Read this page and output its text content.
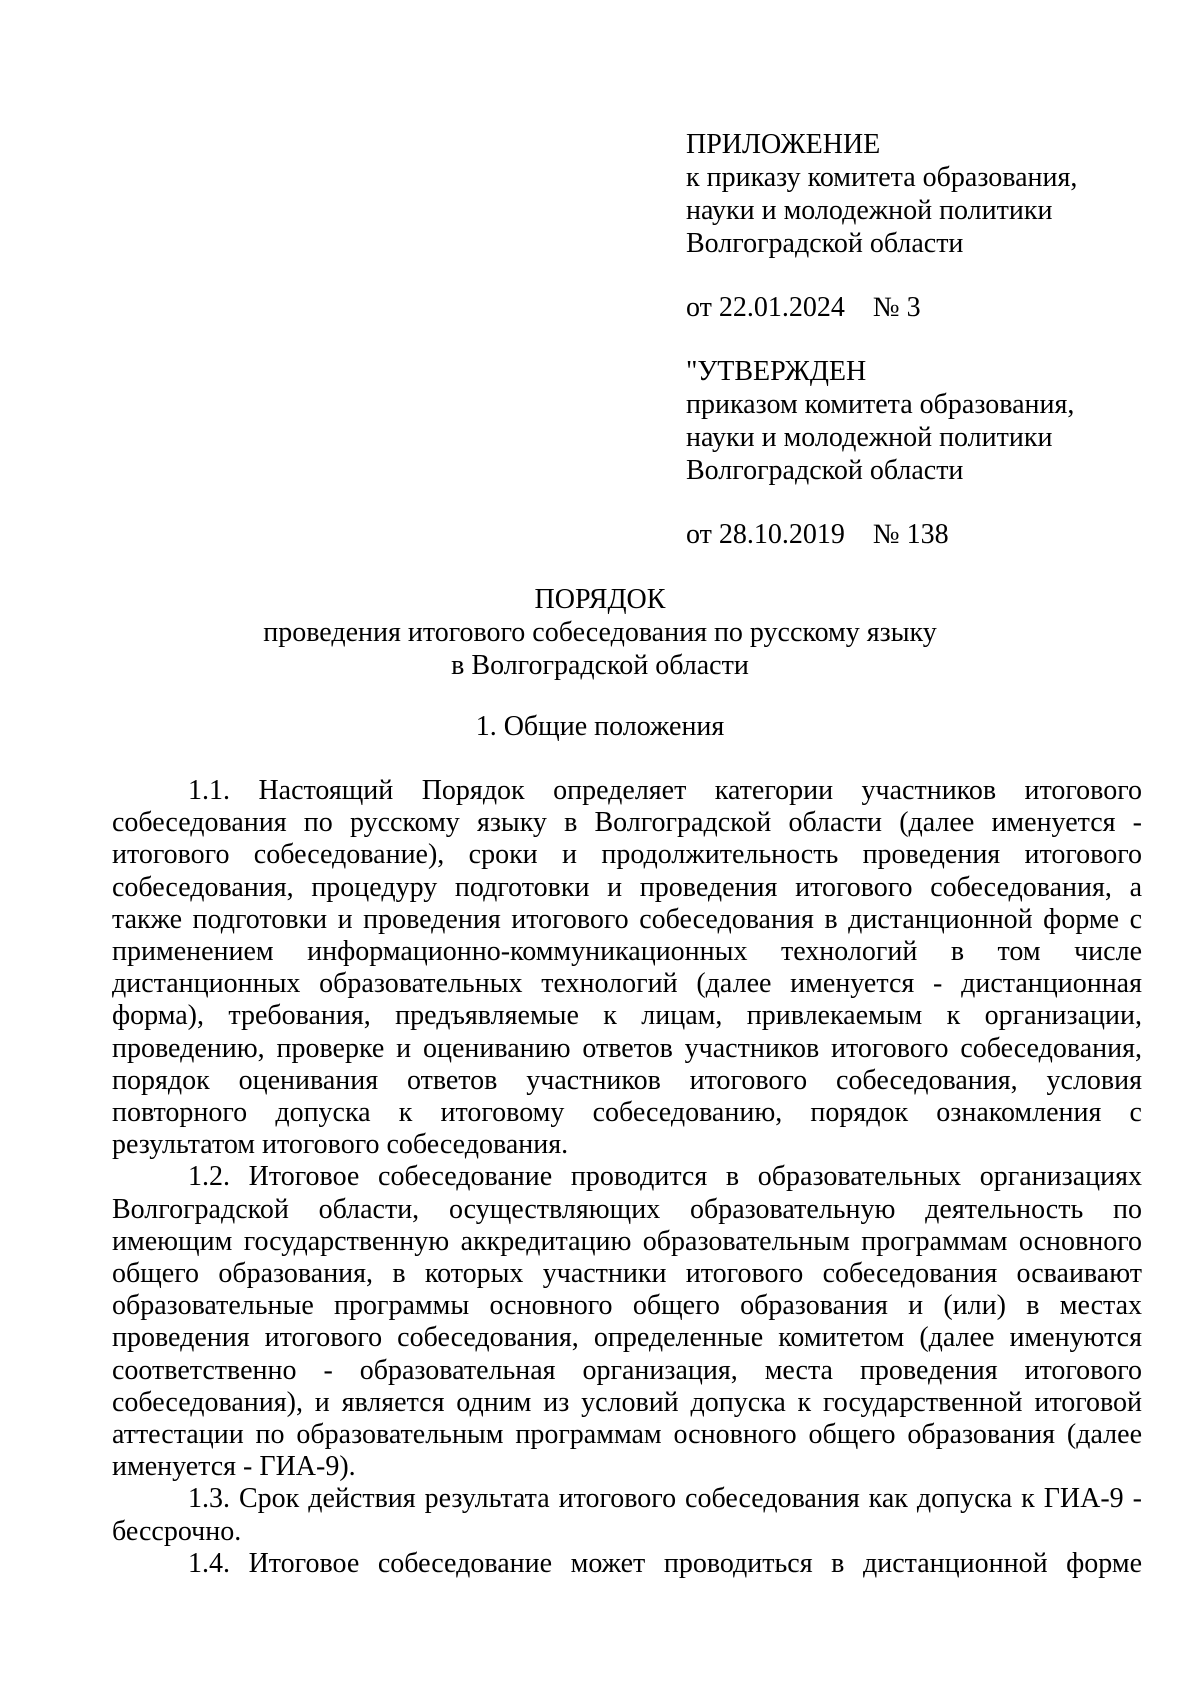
ПРИЛОЖЕНИЕ
к приказу комитета образования,
науки и молодежной политики
Волгоградской области
от 22.01.2024    № 3
"УТВЕРЖДЕН
приказом комитета образования,
науки и молодежной политики
Волгоградской области
от 28.10.2019    № 138
ПОРЯДОК
проведения итогового собеседования по русскому языку
в Волгоградской области
1. Общие положения

1.1. Настоящий Порядок определяет категории участников итогового собеседования по русскому языку в Волгоградской области (далее именуется - итогового собеседование), сроки и продолжительность проведения итогового собеседования, процедуру подготовки и проведения итогового собеседования, а также подготовки и проведения итогового собеседования в дистанционной форме с применением информационно-коммуникационных технологий в том числе дистанционных образовательных технологий (далее именуется - дистанционная форма), требования, предъявляемые к лицам, привлекаемым к организации, проведению, проверке и оцениванию ответов участников итогового собеседования, порядок оценивания ответов участников итогового собеседования, условия повторного допуска к итоговому собеседованию, порядок ознакомления с результатом итогового собеседования.

1.2. Итоговое собеседование проводится в образовательных организациях Волгоградской области, осуществляющих образовательную деятельность по имеющим государственную аккредитацию образовательным программам основного общего образования, в которых участники итогового собеседования осваивают образовательные программы основного общего образования и (или) в местах проведения итогового собеседования, определенные комитетом (далее именуются соответственно - образовательная организация, места проведения итогового собеседования), и является одним из условий допуска к государственной итоговой аттестации по образовательным программам основного общего образования (далее именуется - ГИА-9).

1.3. Срок действия результата итогового собеседования как допуска к ГИА-9 - бессрочно.

1.4. Итоговое собеседование может проводиться в дистанционной форме
